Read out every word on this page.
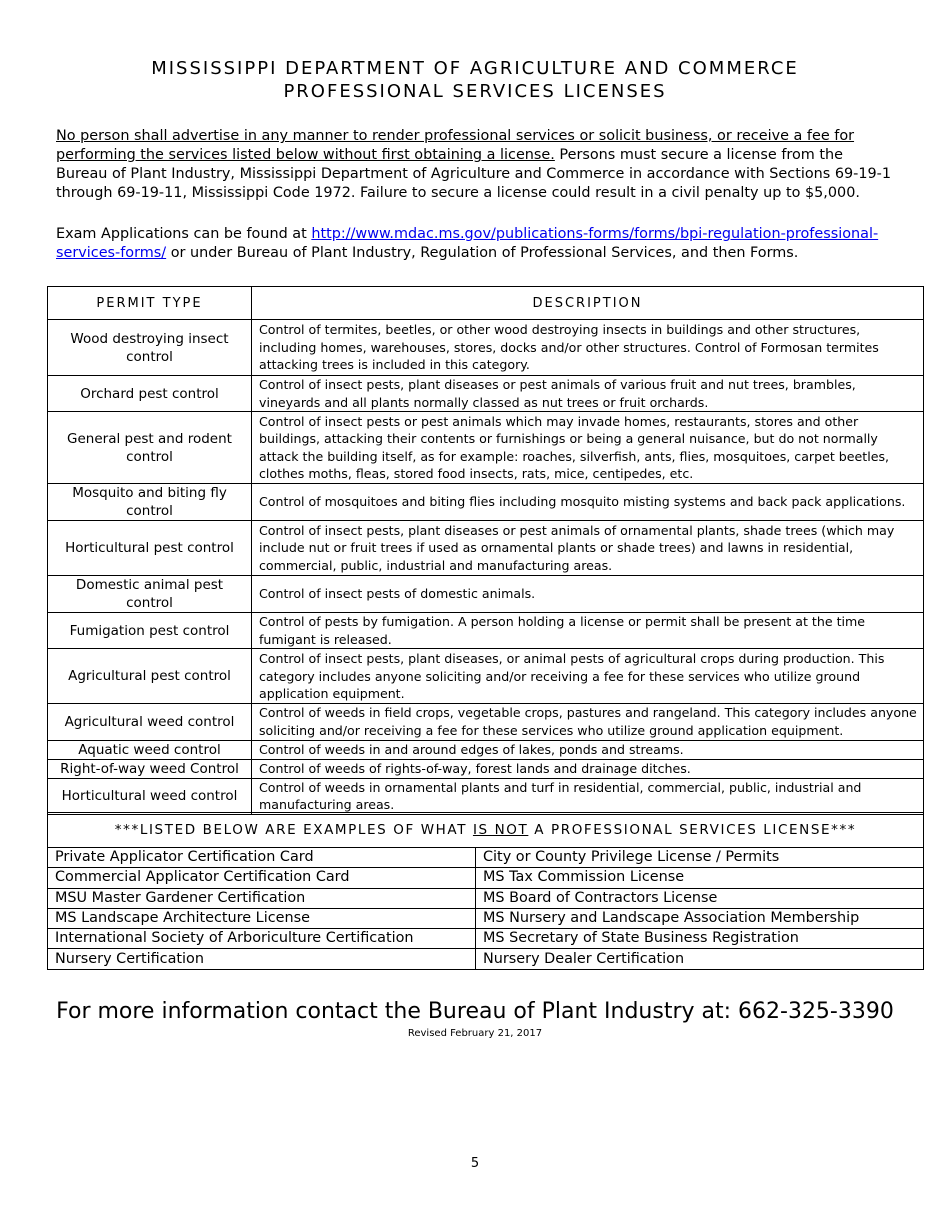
MISSISSIPPI DEPARTMENT OF AGRICULTURE AND COMMERCE
PROFESSIONAL SERVICES LICENSES

No person shall advertise in any manner to render professional services or solicit business, or receive a fee for performing the services listed below without first obtaining a license. Persons must secure a license from the Bureau of Plant Industry, Mississippi Department of Agriculture and Commerce in accordance with Sections 69-19-1 through 69-19-11, Mississippi Code 1972. Failure to secure a license could result in a civil penalty up to $5,000.

Exam Applications can be found at http://www.mdac.ms.gov/publications-forms/forms/bpi-regulation-professional-services-forms/ or under Bureau of Plant Industry, Regulation of Professional Services, and then Forms.

PERMIT TYPE	DESCRIPTION
Wood destroying insect control	Control of termites, beetles, or other wood destroying insects in buildings and other structures, including homes, warehouses, stores, docks and/or other structures. Control of Formosan termites attacking trees is included in this category.
Orchard pest control	Control of insect pests, plant diseases or pest animals of various fruit and nut trees, brambles, vineyards and all plants normally classed as nut trees or fruit orchards.
General pest and rodent control	Control of insect pests or pest animals which may invade homes, restaurants, stores and other buildings, attacking their contents or furnishings or being a general nuisance, but do not normally attack the building itself, as for example: roaches, silverfish, ants, flies, mosquitoes, carpet beetles, clothes moths, fleas, stored food insects, rats, mice, centipedes, etc.
Mosquito and biting fly control	Control of mosquitoes and biting flies including mosquito misting systems and back pack applications.
Horticultural pest control	Control of insect pests, plant diseases or pest animals of ornamental plants, shade trees (which may include nut or fruit trees if used as ornamental plants or shade trees) and lawns in residential, commercial, public, industrial and manufacturing areas.
Domestic animal pest control	Control of insect pests of domestic animals.
Fumigation pest control	Control of pests by fumigation. A person holding a license or permit shall be present at the time fumigant is released.
Agricultural pest control	Control of insect pests, plant diseases, or animal pests of agricultural crops during production. This category includes anyone soliciting and/or receiving a fee for these services who utilize ground application equipment.
Agricultural weed control	Control of weeds in field crops, vegetable crops, pastures and rangeland. This category includes anyone soliciting and/or receiving a fee for these services who utilize ground application equipment.
Aquatic weed control	Control of weeds in and around edges of lakes, ponds and streams.
Right-of-way weed Control	Control of weeds of rights-of-way, forest lands and drainage ditches.
Horticultural weed control	Control of weeds in ornamental plants and turf in residential, commercial, public, industrial and manufacturing areas.
***LISTED BELOW ARE EXAMPLES OF WHAT IS NOT A PROFESSIONAL SERVICES LICENSE***	
Private Applicator Certification Card	City or County Privilege License / Permits
Commercial Applicator Certification Card	MS Tax Commission License
MSU Master Gardener Certification	MS Board of Contractors License
MS Landscape Architecture License	MS Nursery and Landscape Association Membership
International Society of Arboriculture Certification	MS Secretary of State Business Registration
Nursery Certification	Nursery Dealer Certification
For more information contact the Bureau of Plant Industry at: 662-325-3390
Revised February 21, 2017
5
